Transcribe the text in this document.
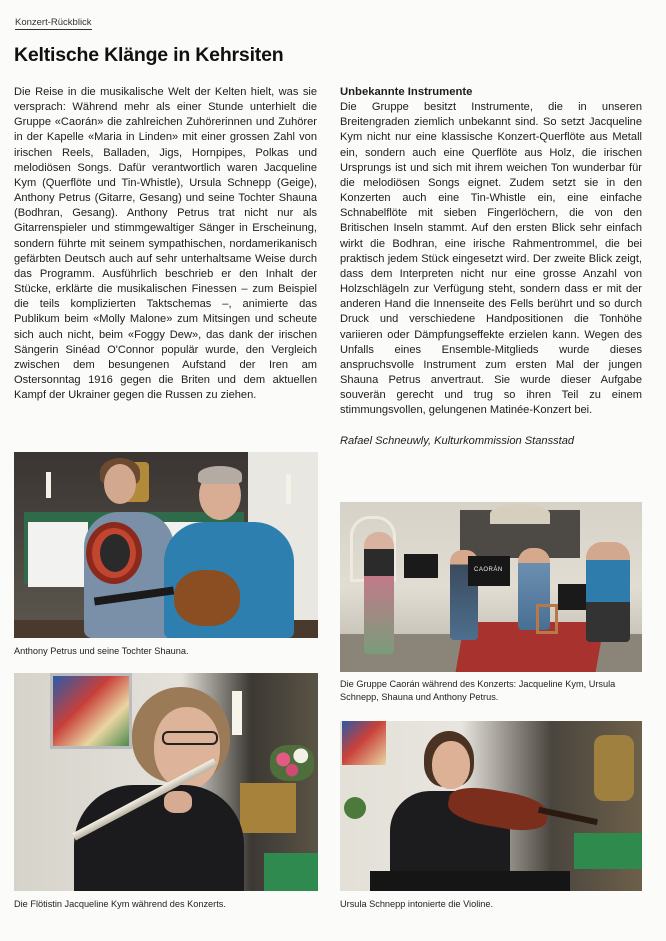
Konzert-Rückblick
Keltische Klänge in Kehrsiten

Die Reise in die musikalische Welt der Kelten hielt, was sie versprach: Während mehr als einer Stunde unterhielt die Gruppe «Caorán» die zahlreichen Zuhörerinnen und Zuhörer in der Kapelle «Maria in Linden» mit einer grossen Zahl von irischen Reels, Balladen, Jigs, Hornpipes, Polkas und melodiösen Songs. Dafür verantwortlich waren Jacqueline Kym (Querflöte und Tin-Whistle), Ursula Schnepp (Geige), Anthony Petrus (Gitarre, Gesang) und seine Tochter Shauna (Bodhran, Gesang). Anthony Petrus trat nicht nur als Gitarrenspieler und stimmgewaltiger Sänger in Erscheinung, sondern führte mit seinem sympathischen, nordamerikanisch gefärbten Deutsch auch auf sehr unterhaltsame Weise durch das Programm. Ausführlich beschrieb er den Inhalt der Stücke, erklärte die musikalischen Finessen – zum Beispiel die teils komplizierten Taktschemas –, animierte das Publikum beim «Molly Malone» zum Mitsingen und scheute sich auch nicht, beim «Foggy Dew», das dank der irischen Sängerin Sinéad O'Connor populär wurde, den Vergleich zwischen dem besungenen Aufstand der Iren am Ostersonntag 1916 gegen die Briten und dem aktuellen Kampf der Ukrainer gegen die Russen zu ziehen.

Unbekannte Instrumente

Die Gruppe besitzt Instrumente, die in unseren Breitengraden ziemlich unbekannt sind. So setzt Jacqueline Kym nicht nur eine klassische Konzert-Querflöte aus Metall ein, sondern auch eine Querflöte aus Holz, die irischen Ursprungs ist und sich mit ihrem weichen Ton wunderbar für die melodiösen Songs eignet. Zudem setzt sie in den Konzerten auch eine Tin-Whistle ein, eine einfache Schnabelflöte mit sieben Fingerlöchern, die von den Britischen Inseln stammt. Auf den ersten Blick sehr einfach wirkt die Bodhran, eine irische Rahmentrommel, die bei praktisch jedem Stück eingesetzt wird. Der zweite Blick zeigt, dass dem Interpreten nicht nur eine grosse Anzahl von Holzschlägeln zur Verfügung steht, sondern dass er mit der anderen Hand die Innenseite des Fells berührt und so durch Druck und verschiedene Handpositionen die Tonhöhe variieren oder Dämpfungseffekte erzielen kann. Wegen des Unfalls eines Ensemble-Mitglieds wurde dieses anspruchsvolle Instrument zum ersten Mal der jungen Shauna Petrus anvertraut. Sie wurde dieser Aufgabe souverän gerecht und trug so ihren Teil zu einem stimmungsvollen, gelungenen Matinée-Konzert bei.

Rafael Schneuwly, Kulturkommission Stansstad

Anthony Petrus und seine Tochter Shauna.
CAORÁN
Die Gruppe Caorán während des Konzerts: Jacqueline Kym, Ursula Schnepp, Shauna und Anthony Petrus.
Die Flötistin Jacqueline Kym während des Konzerts.	Ursula Schnepp intonierte die Violine.
